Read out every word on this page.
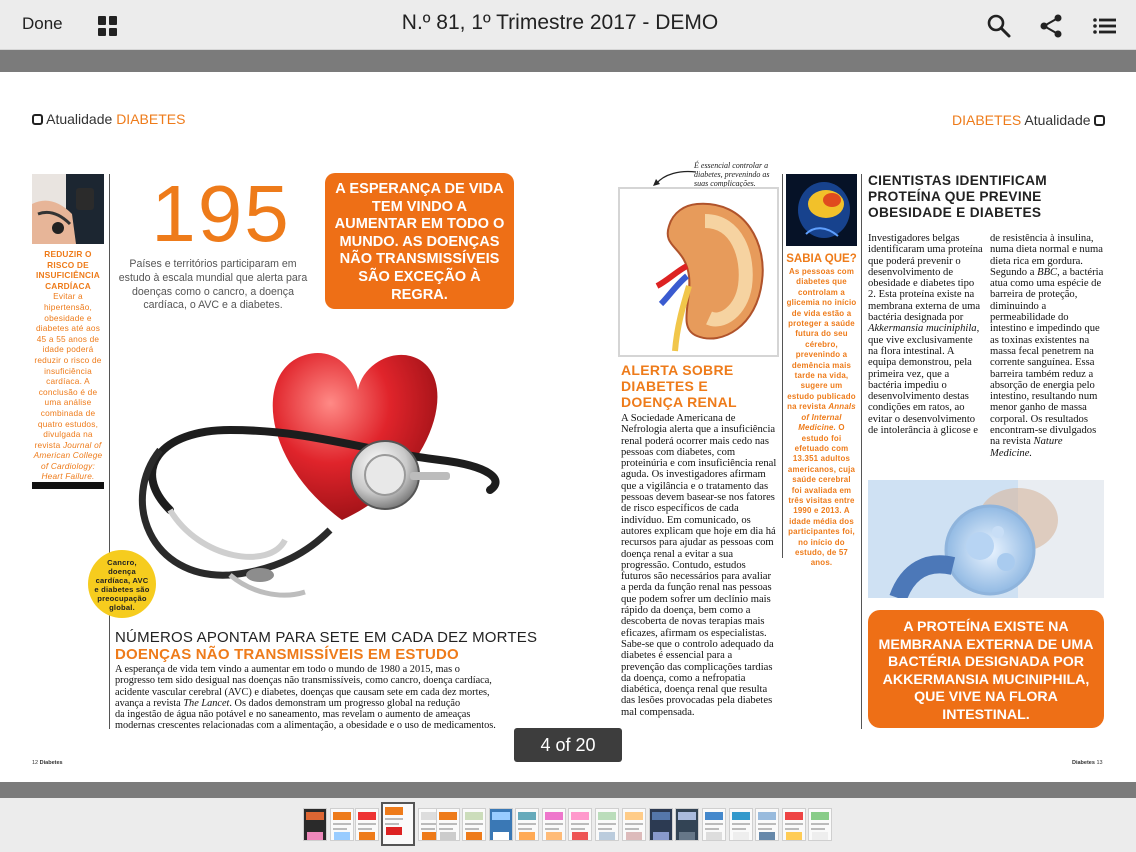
Done	N.º 81, 1º Trimestre 2017 - DEMO
Atualidade DIABETES
REDUZIR O RISCO DE INSUFICIÊNCIA CARDÍACA
Evitar a hipertensão, obesidade e diabetes até aos 45 a 55 anos de idade poderá reduzir o risco de insuficiência cardíaca. A conclusão é de uma análise combinada de quatro estudos, divulgada na revista Journal of American College of Cardiology: Heart Failure.
195
Países e territórios participaram em estudo à escala mundial que alerta para doenças como o cancro, a doença cardíaca, o AVC e a diabetes.
A ESPERANÇA DE VIDA TEM VINDO A AUMENTAR EM TODO O MUNDO. AS DOENÇAS NÃO TRANSMISSÍVEIS SÃO EXCEÇÃO À REGRA.
Cancro, doença cardíaca, AVC e diabetes são preocupação global.
NÚMEROS APONTAM PARA SETE EM CADA DEZ MORTES
DOENÇAS NÃO TRANSMISSÍVEIS EM ESTUDO
A esperança de vida tem vindo a aumentar em todo o mundo de 1980 a 2015, mas o
progresso tem sido desigual nas doenças não transmissíveis, como cancro, doença cardíaca,
acidente vascular cerebral (AVC) e diabetes, doenças que causam sete em cada dez mortes,
avança a revista The Lancet. Os dados demonstram um progresso global na redução
da ingestão de água não potável e no saneamento, mas revelam o aumento de ameaças
modernas crescentes relacionadas com a alimentação, a obesidade e o uso de medicamentos.
12 Diabetes
DIABETES Atualidade
É essencial controlar a diabetes, prevenindo as suas complicações.
ALERTA SOBRE DIABETES E DOENÇA RENAL
A Sociedade Americana de Nefrologia alerta que a insuficiência renal poderá ocorrer mais cedo nas pessoas com diabetes, com proteinúria e com insuficiência renal aguda. Os investigadores afirmam que a vigilância e o tratamento das pessoas devem basear-se nos fatores de risco específicos de cada indivíduo. Em comunicado, os autores explicam que hoje em dia há recursos para ajudar as pessoas com doença renal a evitar a sua progressão. Contudo, estudos futuros são necessários para avaliar a perda da função renal nas pessoas que podem sofrer um declínio mais rápido da doença, bem como a descoberta de novas terapias mais eficazes, afirmam os especialistas. Sabe-se que o controlo adequado da diabetes é essencial para a prevenção das complicações tardias da doença, como a nefropatia diabética, doença renal que resulta das lesões provocadas pela diabetes mal compensada.
SABIA QUE?
As pessoas com diabetes que controlam a glicemia no início de vida estão a proteger a saúde futura do seu cérebro, prevenindo a demência mais tarde na vida, sugere um estudo publicado na revista Annals of Internal Medicine. O estudo foi efetuado com 13.351 adultos americanos, cuja saúde cerebral foi avaliada em três visitas entre 1990 e 2013. A idade média dos participantes foi, no início do estudo, de 57 anos.
CIENTISTAS IDENTIFICAM PROTEÍNA QUE PREVINE OBESIDADE E DIABETES
Investigadores belgas identificaram uma proteína que poderá prevenir o desenvolvimento de obesidade e diabetes tipo 2. Esta proteína existe na membrana externa de uma bactéria designada por Akkermansia muciniphila, que vive exclusivamente na flora intestinal. A equipa demonstrou, pela primeira vez, que a bactéria impediu o desenvolvimento destas condições em ratos, ao evitar o desenvolvimento de intolerância à glicose e
de resistência à insulina, numa dieta normal e numa dieta rica em gordura. Segundo a BBC, a bactéria atua como uma espécie de barreira de proteção, diminuindo a permeabilidade do intestino e impedindo que as toxinas existentes na massa fecal penetrem na corrente sanguínea. Essa barreira também reduz a absorção de energia pelo intestino, resultando num menor ganho de massa corporal. Os resultados encontram-se divulgados na revista Nature Medicine.
A PROTEÍNA EXISTE NA MEMBRANA EXTERNA DE UMA BACTÉRIA DESIGNADA POR AKKERMANSIA MUCINIPHILA, QUE VIVE NA FLORA INTESTINAL.
Diabetes 13
4 of 20
